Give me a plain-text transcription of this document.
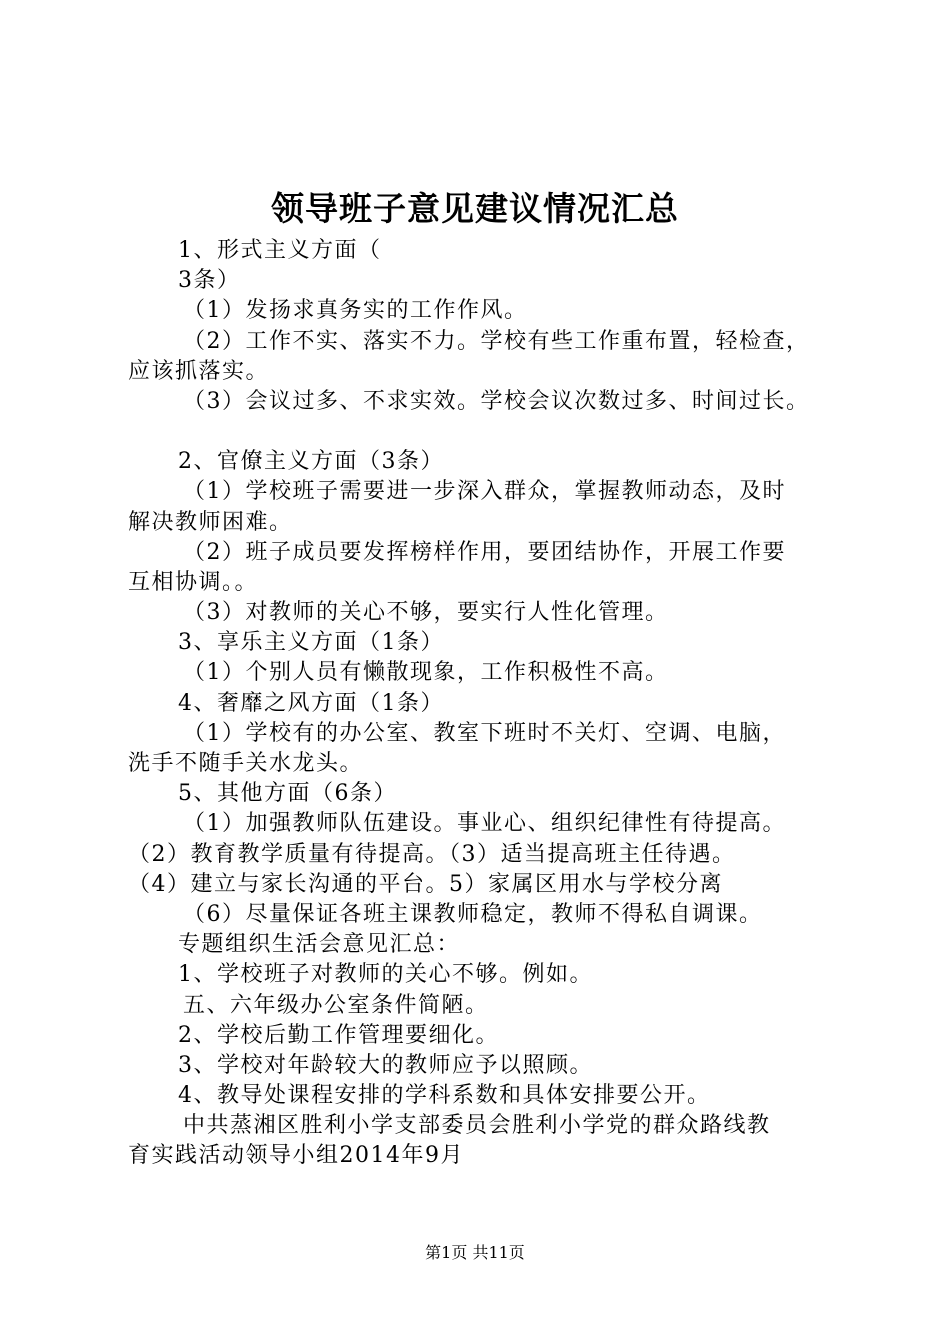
领导班子意见建议情况汇总
1、形式主义方面（
3条）
（1）发扬求真务实的工作作风。
（2）工作不实、落实不力。学校有些工作重布置，轻检查，
应该抓落实。
（3）会议过多、不求实效。学校会议次数过多、时间过长。
2、官僚主义方面（3条）
（1）学校班子需要进一步深入群众，掌握教师动态，及时
解决教师困难。
（2）班子成员要发挥榜样作用，要团结协作，开展工作要
互相协调。。
（3）对教师的关心不够，要实行人性化管理。
3、享乐主义方面（1条）
（1）个别人员有懒散现象，工作积极性不高。
4、奢靡之风方面（1条）
（1）学校有的办公室、教室下班时不关灯、空调、电脑，
洗手不随手关水龙头。
5、其他方面（6条）
（1）加强教师队伍建设。事业心、组织纪律性有待提高。
（2）教育教学质量有待提高。（3）适当提高班主任待遇。
（4）建立与家长沟通的平台。5）家属区用水与学校分离
（6）尽量保证各班主课教师稳定，教师不得私自调课。
专题组织生活会意见汇总：
1、学校班子对教师的关心不够。例如。
五、六年级办公室条件简陋。
2、学校后勤工作管理要细化。
3、学校对年龄较大的教师应予以照顾。
4、教导处课程安排的学科系数和具体安排要公开。
中共蒸湘区胜利小学支部委员会胜利小学党的群众路线教
育实践活动领导小组2014年9月
第1页 共11页
